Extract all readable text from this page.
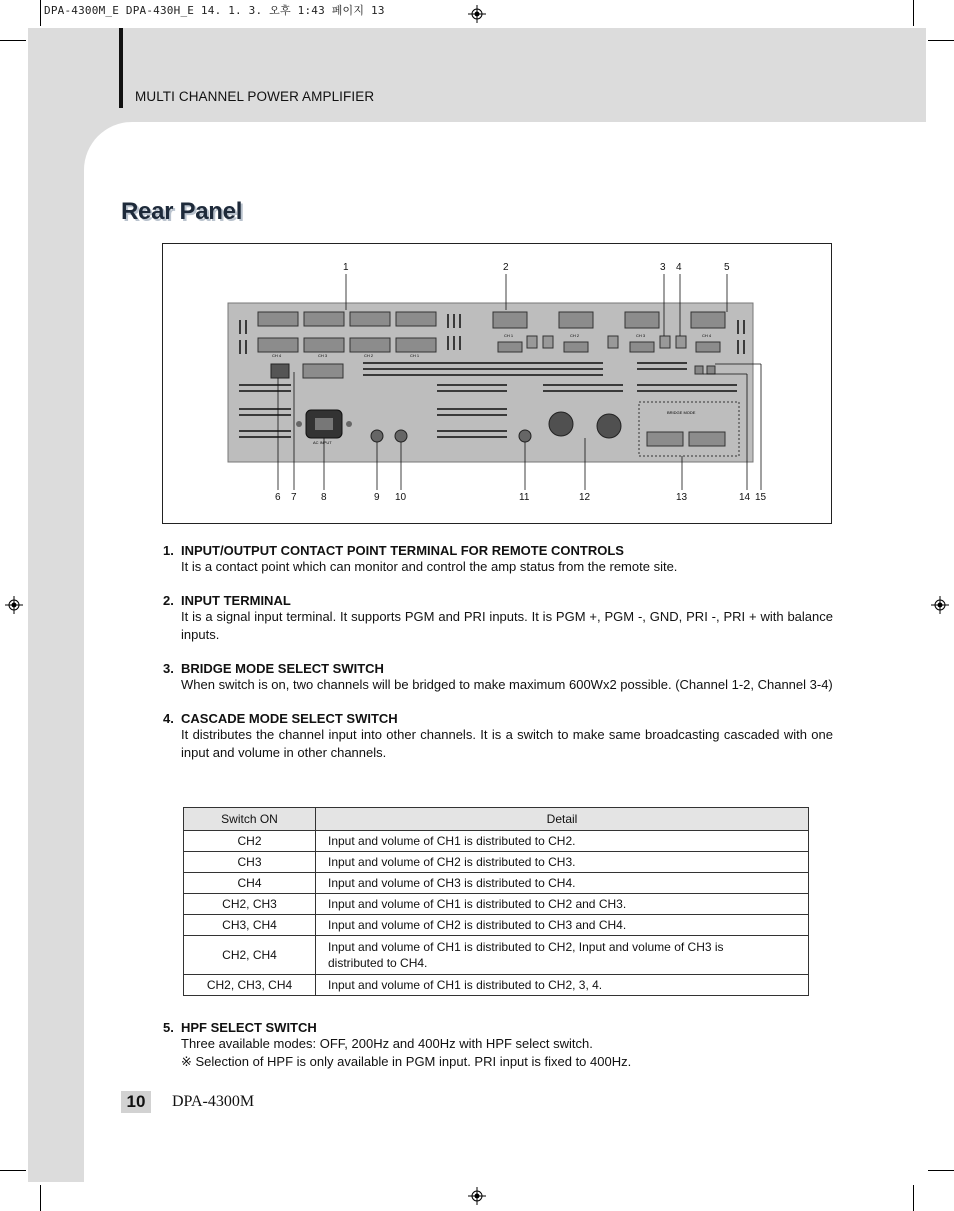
DPA-4300M_E DPA-430H_E 14. 1. 3. 오후 1:43 페이지 13
MULTI CHANNEL POWER AMPLIFIER
Rear Panel
CH 4	CH 3	CH 2	CH 1
CH 1	CH 2	CH 3	CH 4
AC INPUT
BRIDGE MODE
1	2	3 4	5
6 7 8	9 10	11	12	13	14 15
1. INPUT/OUTPUT CONTACT POINT TERMINAL FOR REMOTE CONTROLS
It is a contact point which can monitor and control the amp status from the remote site.
2. INPUT TERMINAL
It is a signal input terminal. It supports PGM and PRI inputs. It is PGM +, PGM -, GND, PRI -, PRI + with balance inputs.
3. BRIDGE MODE SELECT SWITCH
When switch is on, two channels will be bridged to make maximum 600Wx2 possible. (Channel 1-2, Channel 3-4)
4. CASCADE MODE SELECT SWITCH
It distributes the channel input into other channels. It is a switch to make same broadcasting cascaded with one input and volume in other channels.
Switch ON	Detail
CH2	Input and volume of CH1 is distributed to CH2.
CH3	Input and volume of CH2 is distributed to CH3.
CH4	Input and volume of CH3 is distributed to CH4.
CH2, CH3	Input and volume of CH1 is distributed to CH2 and CH3.
CH3, CH4	Input and volume of CH2 is distributed to CH3 and CH4.
CH2, CH4	Input and volume of CH1 is distributed to CH2, Input and volume of CH3 is distributed to CH4.
CH2, CH3, CH4	Input and volume of CH1 is distributed to CH2, 3, 4.
5. HPF SELECT SWITCH
Three available modes: OFF, 200Hz and 400Hz with HPF select switch.
※ Selection of HPF is only available in PGM input. PRI input is fixed to 400Hz.
10	DPA-4300M
